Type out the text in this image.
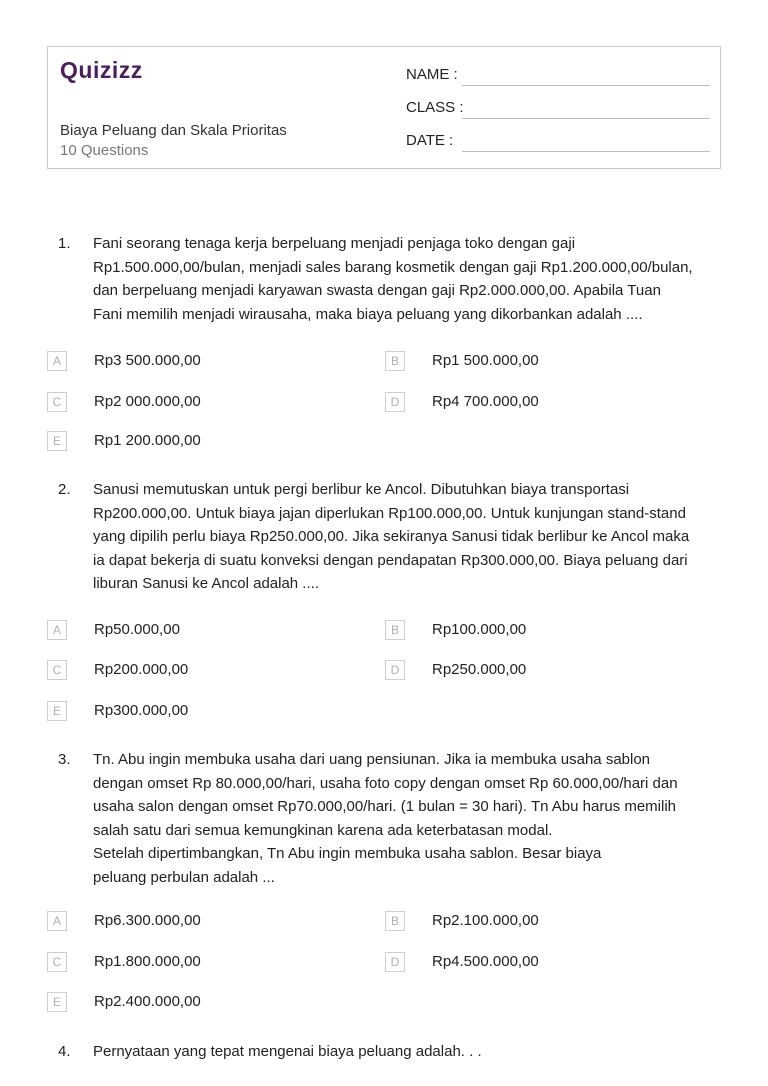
Quizizz
Biaya Peluang dan Skala Prioritas
10 Questions
NAME :
CLASS :
DATE :
1. Fani seorang tenaga kerja berpeluang menjadi penjaga toko dengan gaji

Rp1.500.000,00/bulan, menjadi sales barang kosmetik dengan gaji Rp1.200.000,00/bulan,

dan berpeluang menjadi karyawan swasta dengan gaji Rp2.000.000,00. Apabila Tuan

Fani memilih menjadi wirausaha, maka biaya peluang yang dikorbankan adalah ....

A	Rp3 500.000,00	B	Rp1 500.000,00
C	Rp2 000.000,00	D	Rp4 700.000,00
E	Rp1 200.000,00
2. Sanusi memutuskan untuk pergi berlibur ke Ancol. Dibutuhkan biaya transportasi

Rp200.000,00. Untuk biaya jajan diperlukan Rp100.000,00. Untuk kunjungan stand-stand

yang dipilih perlu biaya Rp250.000,00. Jika sekiranya Sanusi tidak berlibur ke Ancol maka

ia dapat bekerja di suatu konveksi dengan pendapatan Rp300.000,00. Biaya peluang dari

liburan Sanusi ke Ancol adalah ....

A	Rp50.000,00	B	Rp100.000,00
C	Rp200.000,00	D	Rp250.000,00
E	Rp300.000,00
3. Tn. Abu ingin membuka usaha dari uang pensiunan. Jika ia membuka usaha sablon

dengan omset Rp 80.000,00/hari, usaha foto copy dengan omset Rp 60.000,00/hari dan

usaha salon dengan omset Rp70.000,00/hari. (1 bulan = 30 hari). Tn Abu harus memilih

salah satu dari semua kemungkinan karena ada keterbatasan modal.

Setelah dipertimbangkan, Tn Abu ingin membuka usaha sablon. Besar biaya

peluang perbulan adalah ...

A	Rp6.300.000,00	B	Rp2.100.000,00
C	Rp1.800.000,00	D	Rp4.500.000,00
E	Rp2.400.000,00
4. Pernyataan yang tepat mengenai biaya peluang adalah. . .
